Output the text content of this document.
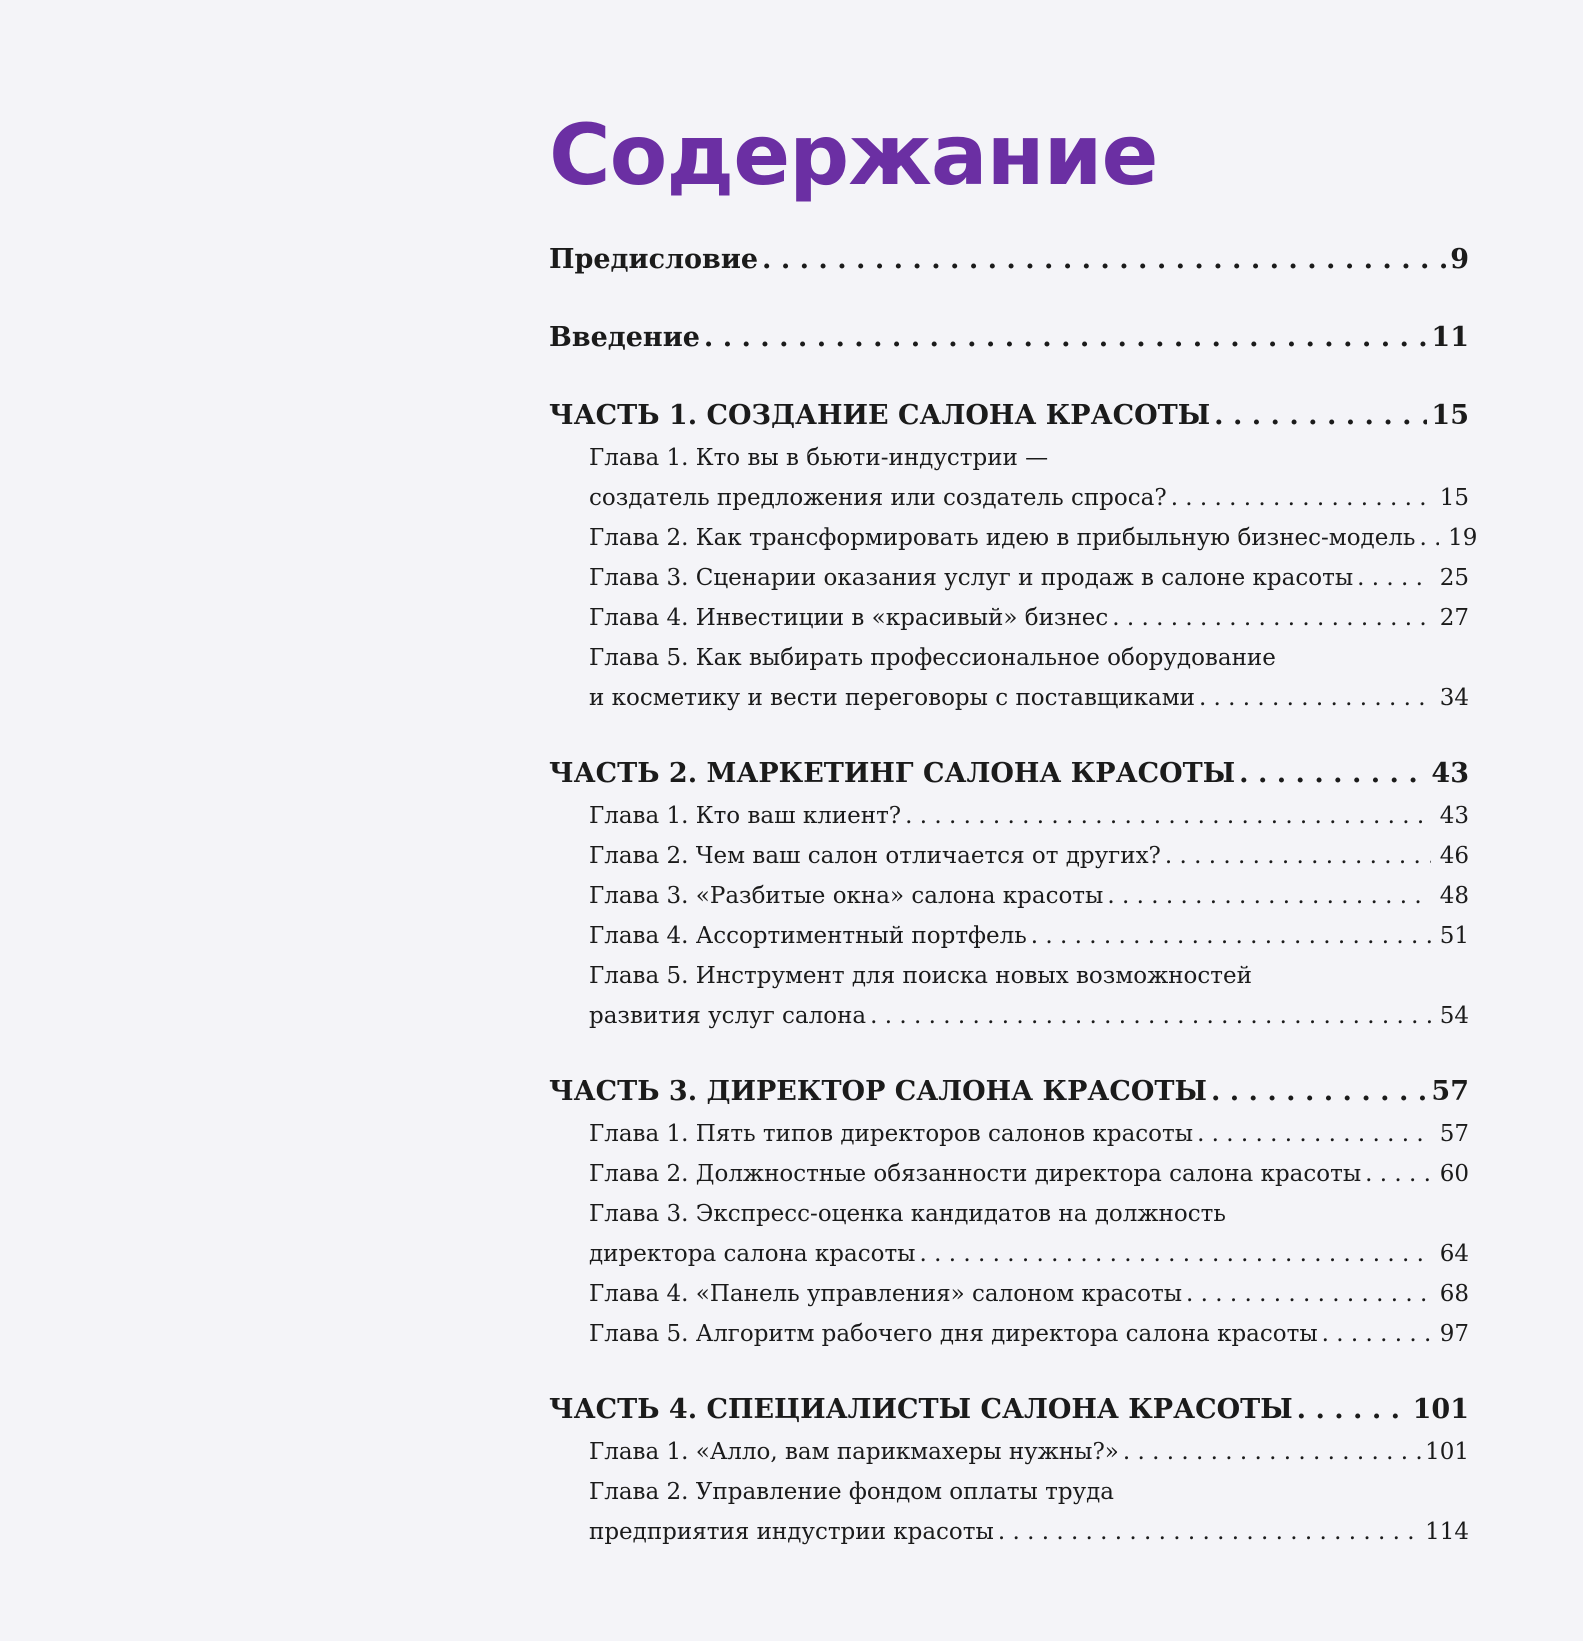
Содержание
Предисловие . . .	9
Введение . . .	11
ЧАСТЬ 1. СОЗДАНИЕ САЛОНА КРАСОТЫ . . .	15
Глава 1. Кто вы в бьюти-индустрии —
создатель предложения или создатель спроса? . . .	15
Глава 2. Как трансформировать идею в прибыльную бизнес-модель . . . 19
Глава 3. Сценарии оказания услуг и продаж в салоне красоты . . .	25
Глава 4. Инвестиции в «красивый» бизнес . . .	27
Глава 5. Как выбирать профессиональное оборудование
и косметику и вести переговоры с поставщиками . . .	34
ЧАСТЬ 2. МАРКЕТИНГ САЛОНА КРАСОТЫ . . .	43
Глава 1. Кто ваш клиент? . . .	43
Глава 2. Чем ваш салон отличается от других? . . .	46
Глава 3. «Разбитые окна» салона красоты . . .	48
Глава 4. Ассортиментный портфель . . .	51
Глава 5. Инструмент для поиска новых возможностей
развития услуг салона . . .	54
ЧАСТЬ 3. ДИРЕКТОР САЛОНА КРАСОТЫ . . .	57
Глава 1. Пять типов директоров салонов красоты . . .	57
Глава 2. Должностные обязанности директора салона красоты . . .	60
Глава 3. Экспресс-оценка кандидатов на должность
директора салона красоты . . .	64
Глава 4. «Панель управления» салоном красоты . . .	68
Глава 5. Алгоритм рабочего дня директора салона красоты . . .	97
ЧАСТЬ 4. СПЕЦИАЛИСТЫ САЛОНА КРАСОТЫ . . .	101
Глава 1. «Алло, вам парикмахеры нужны?» . . .	101
Глава 2. Управление фондом оплаты труда
предприятия индустрии красоты . . .	114
